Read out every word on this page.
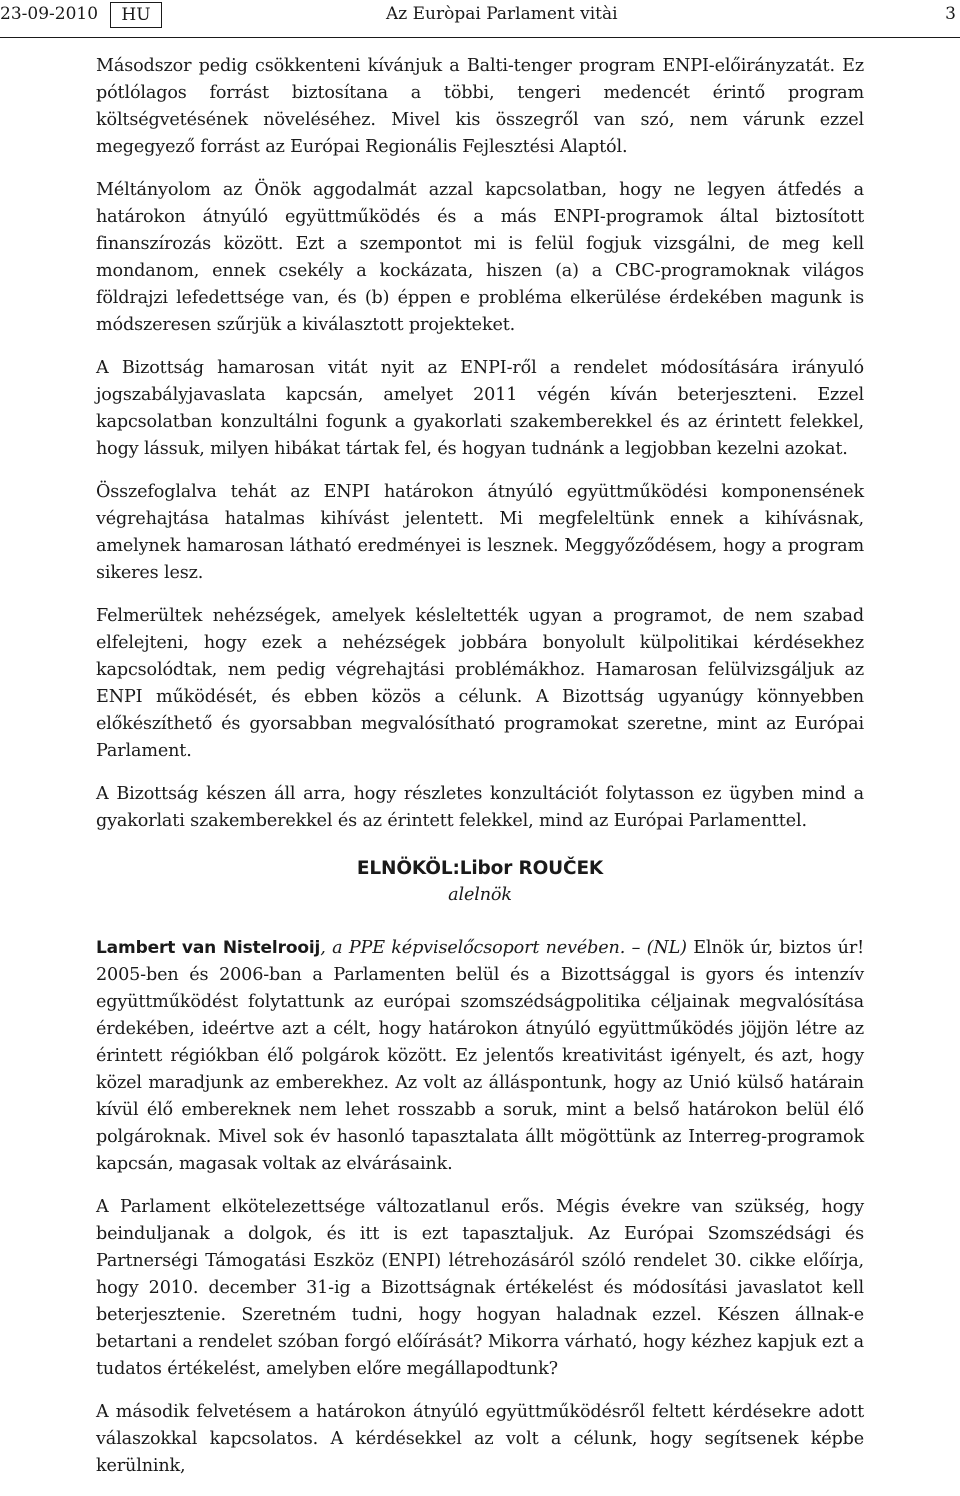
23-09-2010	HU	Az Euròpai Parlament vitài	3

Másodszor pedig csökkenteni kívánjuk a Balti-tenger program ENPI-előirányzatát. Ez pótlólagos forrást biztosítana a többi, tengeri medencét érintő program költségvetésének növeléséhez. Mivel kis összegről van szó, nem várunk ezzel megegyező forrást az Európai Regionális Fejlesztési Alaptól.

Méltányolom az Önök aggodalmát azzal kapcsolatban, hogy ne legyen átfedés a határokon átnyúló együttműködés és a más ENPI-programok által biztosított finanszírozás között. Ezt a szempontot mi is felül fogjuk vizsgálni, de meg kell mondanom, ennek csekély a kockázata, hiszen (a) a CBC-programoknak világos földrajzi lefedettsége van, és (b) éppen e probléma elkerülése érdekében magunk is módszeresen szűrjük a kiválasztott projekteket.

A Bizottság hamarosan vitát nyit az ENPI-ről a rendelet módosítására irányuló jogszabályjavaslata kapcsán, amelyet 2011 végén kíván beterjeszteni. Ezzel kapcsolatban konzultálni fogunk a gyakorlati szakemberekkel és az érintett felekkel, hogy lássuk, milyen hibákat tártak fel, és hogyan tudnánk a legjobban kezelni azokat.

Összefoglalva tehát az ENPI határokon átnyúló együttműködési komponensének végrehajtása hatalmas kihívást jelentett. Mi megfeleltünk ennek a kihívásnak, amelynek hamarosan látható eredményei is lesznek. Meggyőződésem, hogy a program sikeres lesz.

Felmerültek nehézségek, amelyek késleltették ugyan a programot, de nem szabad elfelejteni, hogy ezek a nehézségek jobbára bonyolult külpolitikai kérdésekhez kapcsolódtak, nem pedig végrehajtási problémákhoz. Hamarosan felülvizsgáljuk az ENPI működését, és ebben közös a célunk. A Bizottság ugyanúgy könnyebben előkészíthető és gyorsabban megvalósítható programokat szeretne, mint az Európai Parlament.

A Bizottság készen áll arra, hogy részletes konzultációt folytasson ez ügyben mind a gyakorlati szakemberekkel és az érintett felekkel, mind az Európai Parlamenttel.

ELNÖKÖL:Libor ROUČEK
alelnök

Lambert van Nistelrooij, a PPE képviselőcsoport nevében. – (NL) Elnök úr, biztos úr! 2005-ben és 2006-ban a Parlamenten belül és a Bizottsággal is gyors és intenzív együttműködést folytattunk az európai szomszédságpolitika céljainak megvalósítása érdekében, ideértve azt a célt, hogy határokon átnyúló együttműködés jöjjön létre az érintett régiókban élő polgárok között. Ez jelentős kreativitást igényelt, és azt, hogy közel maradjunk az emberekhez. Az volt az álláspontunk, hogy az Unió külső határain kívül élő embereknek nem lehet rosszabb a soruk, mint a belső határokon belül élő polgároknak. Mivel sok év hasonló tapasztalata állt mögöttünk az Interreg-programok kapcsán, magasak voltak az elvárásaink.

A Parlament elkötelezettsége változatlanul erős. Mégis évekre van szükség, hogy beinduljanak a dolgok, és itt is ezt tapasztaljuk. Az Európai Szomszédsági és Partnerségi Támogatási Eszköz (ENPI) létrehozásáról szóló rendelet 30. cikke előírja, hogy 2010. december 31-ig a Bizottságnak értékelést és módosítási javaslatot kell beterjesztenie. Szeretném tudni, hogy hogyan haladnak ezzel. Készen állnak-e betartani a rendelet szóban forgó előírását? Mikorra várható, hogy kézhez kapjuk ezt a tudatos értékelést, amelyben előre megállapodtunk?

A második felvetésem a határokon átnyúló együttműködésről feltett kérdésekre adott válaszokkal kapcsolatos. A kérdésekkel az volt a célunk, hogy segítsenek képbe kerülnink,
